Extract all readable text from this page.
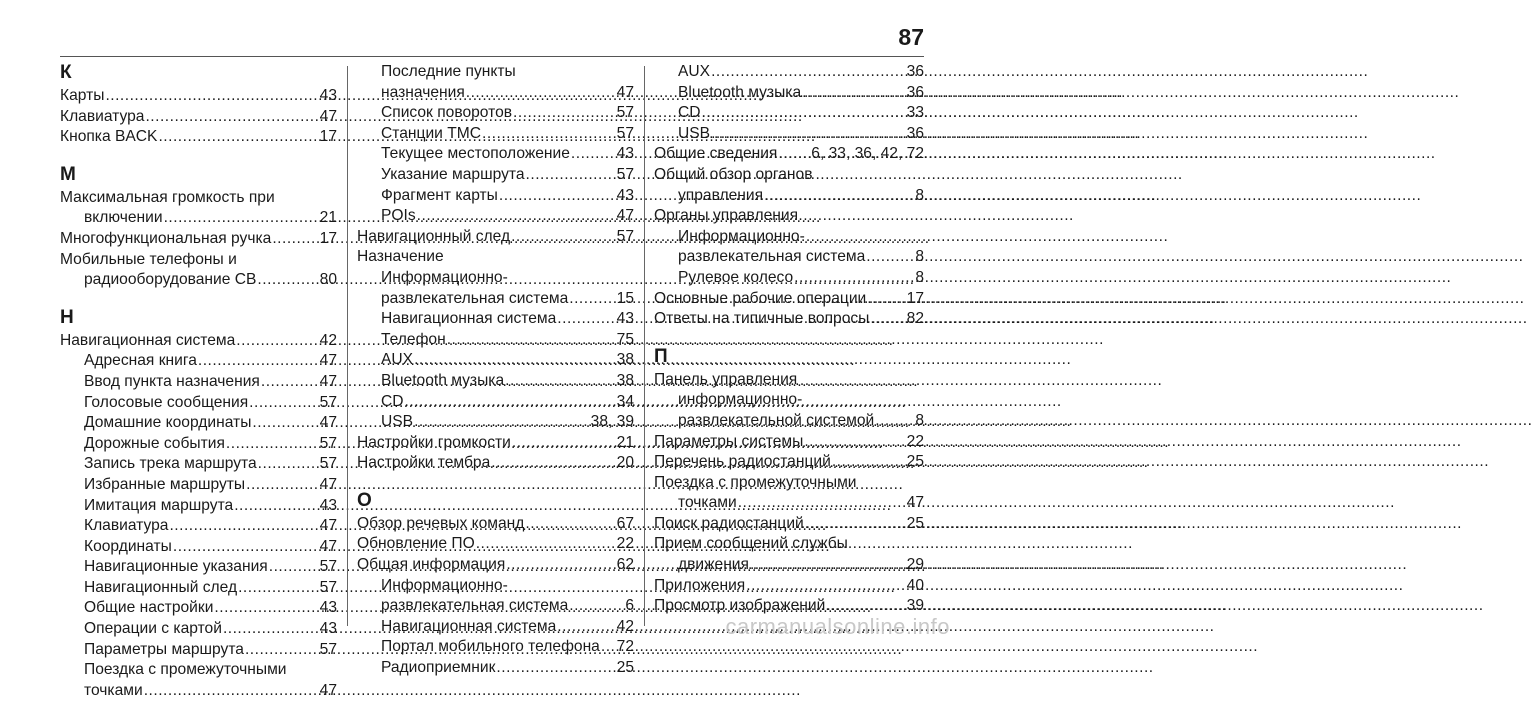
87
К
Карты .....	43
Клавиатура .....	47
Кнопка BACK .....	17
М
Максимальная громкость при
включении .....	21
Многофункциональная ручка .....	17
Мобильные телефоны и
радиооборудование CB .....	80
Н
Навигационная система .....	42
Адресная книга .....	47
Ввод пункта назначения .....	47
Голосовые сообщения .....	57
Домашние координаты .....	47
Дорожные события .....	57
Запись трека маршрута .....	57
Избранные маршруты .....	47
Имитация маршрута .....	43
Клавиатура .....	47
Координаты .....	47
Навигационные указания .....	57
Навигационный след .....	57
Общие настройки .....	43
Операции с картой .....	43
Параметры маршрута .....	57
Поездка с промежуточными
точками .....	47
Последние пункты
назначения .....	47
Список поворотов .....	57
Станции TMC .....	57
Текущее местоположение .....	43
Указание маршрута .....	57
Фрагмент карты .....	43
POIs .....	47
Навигационный след .....	57
Назначение
Информационно-
развлекательная система .....	15
Навигационная система .....	43
Телефон .....	75
AUX .....	38
Bluetooth музыка .....	38
CD .....	34
USB .....	38, 39
Настройки громкости .....	21
Настройки тембра .....	20
О
Обзор речевых команд .....	67
Обновление ПО .....	22
Общая информация .....	62
Информационно-
развлекательная система .....	6
Навигационная система .....	42
Портал мобильного телефона ..... 72
Радиоприемник .....	25
AUX .....	36
Bluetooth музыка .....	36
CD .....	33
USB .....	36
Общие сведения ..... 6, 33, 36, 42, 72
Общий обзор органов
управления .....	8
Органы управления
Информационно-
развлекательная система .....	8
Рулевое колесо .....	8
Основные рабочие операции .....	17
Ответы на типичные вопросы ..... 82
П
Панель управления
информационно-
развлекательной системой .....	8
Параметры системы .....	22
Перечень радиостанций .....	25
Поездка с промежуточными
точками .....	47
Поиск радиостанций .....	25
Прием сообщений службы
движения .....	29
Приложения .....	40
Просмотр изображений .....	39
carmanualsonline.info
